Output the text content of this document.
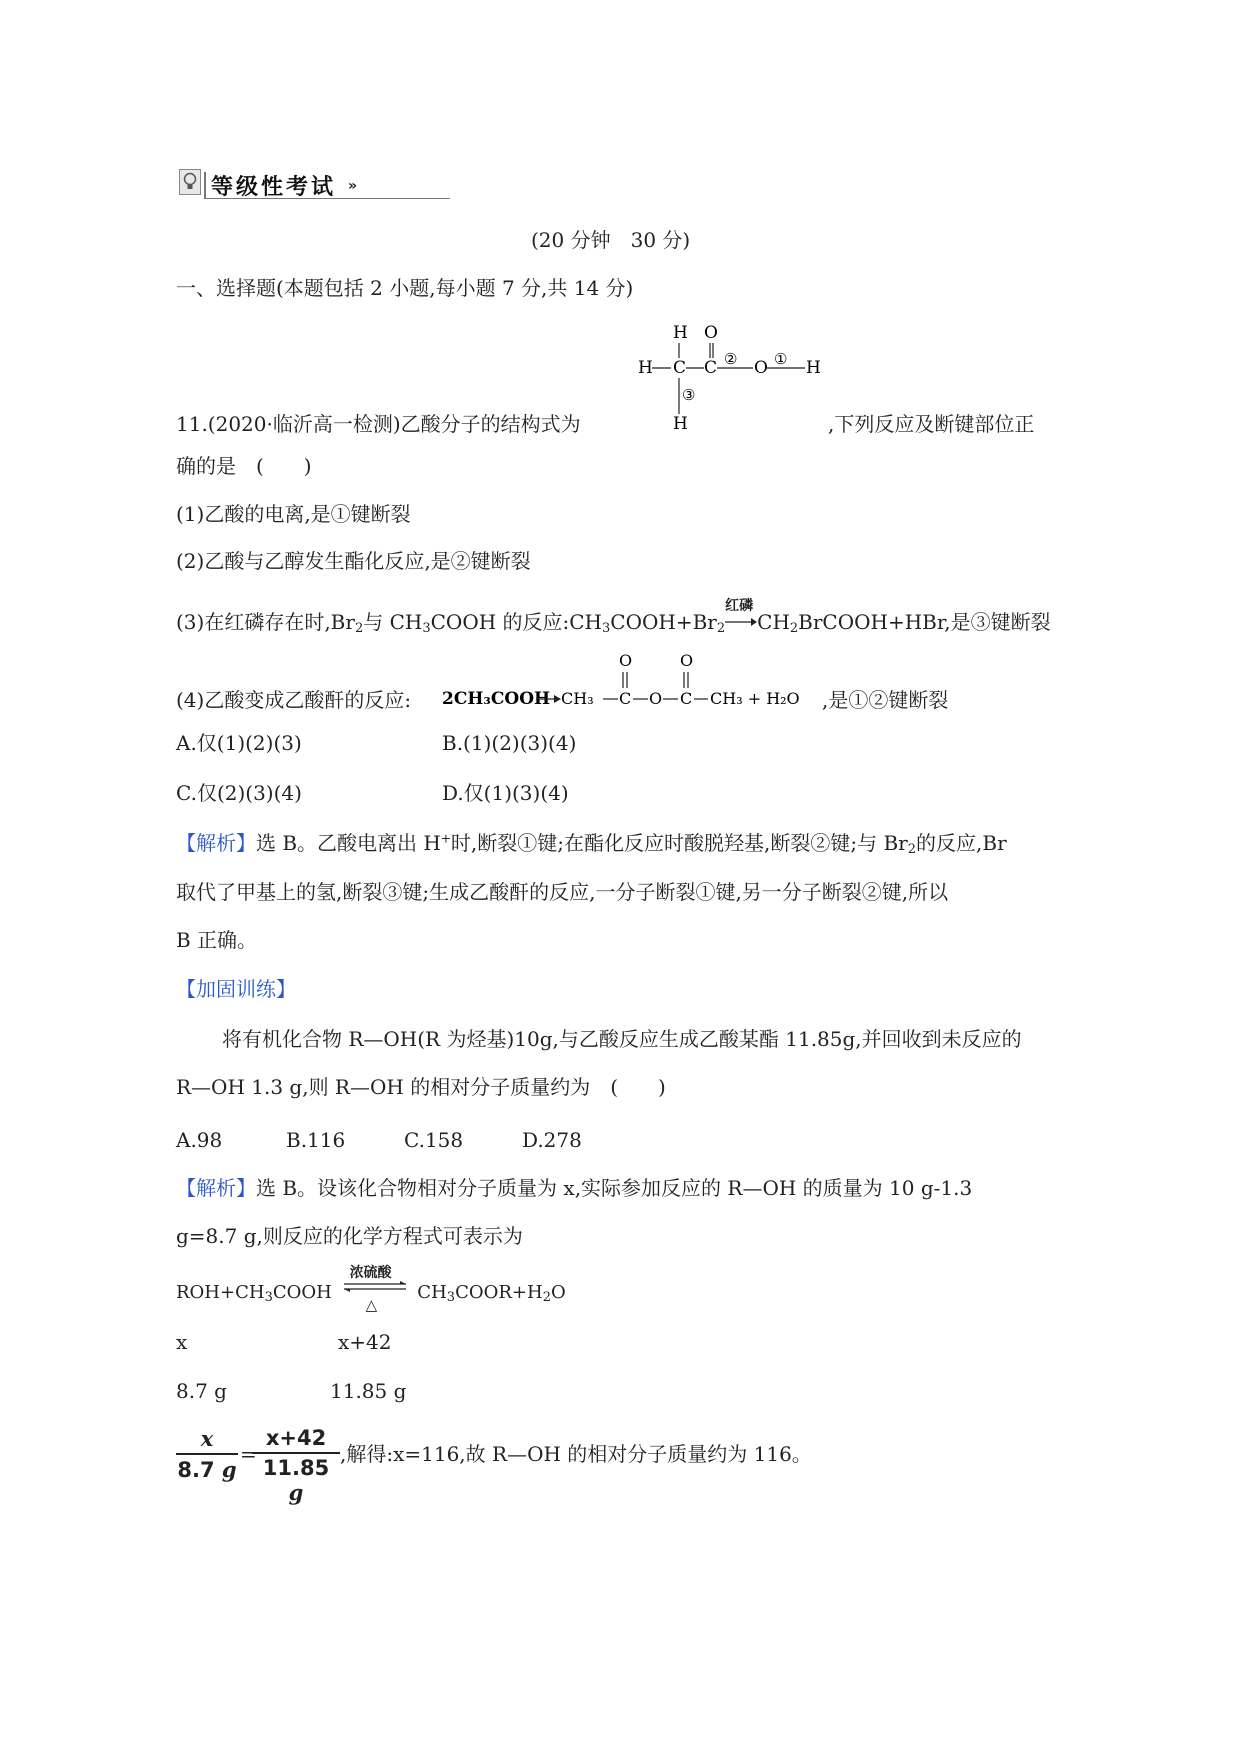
等级性考试 »
(20 分钟　30 分)
一、选择题(本题包括 2 小题,每小题 7 分,共 14 分)
H O
H C C ② O ① H
③
H
11.(2020·临沂高一检测)乙酸分子的结构式为	,下列反应及断键部位正
确的是　(　　)
(1)乙酸的电离,是①键断裂
(2)乙酸与乙醇发生酯化反应,是②键断裂
(3)在红磷存在时$,Br_2$与 $CH_3COOH$ 的反应$:CH_3COOH+Br_2$
红磷
$CH_2BrCOOH+HBr$,是③键断裂
(4)乙酸变成乙酸酐的反应: 2CH₃COOH CH₃ C
O
O C
O
CH₃ + H₂O ,是①②键断裂
A.仅(1)(2)(3)	B.(1)(2)(3)(4)
C.仅(2)(3)(4)	D.仅(1)(3)(4)
【解析】选 B。乙酸电离出 H+时,断裂①键;在酯化反应时酸脱羟基,断裂②键;与 $Br_2$的反应,Br
取代了甲基上的氢,断裂③键;生成乙酸酐的反应,一分子断裂①键,另一分子断裂②键,所以
B 正确。
【加固训练】
将有机化合物 R—OH(R 为烃基)10g,与乙酸反应生成乙酸某酯 11.85g,并回收到未反应的
R—OH 1.3 g,则 R—OH 的相对分子质量约为　(　　)
A.98	B.116	C.158	D.278
【解析】选 B。设该化合物相对分子质量为 x,实际参加反应的 R—OH 的质量为 10 g-1.3
g=8.7 g,则反应的化学方程式可表示为
$ROH+CH_3COOH$
浓硫酸
△
$CH_3COOR+H_2O$
x	x+42
8.7 g	11.85 g
$\frac{x}{8.7 g}$ =
$\frac{x+42}{11.85 g}$ ,解得:x=116,故 R—OH 的相对分子质量约为 116。
